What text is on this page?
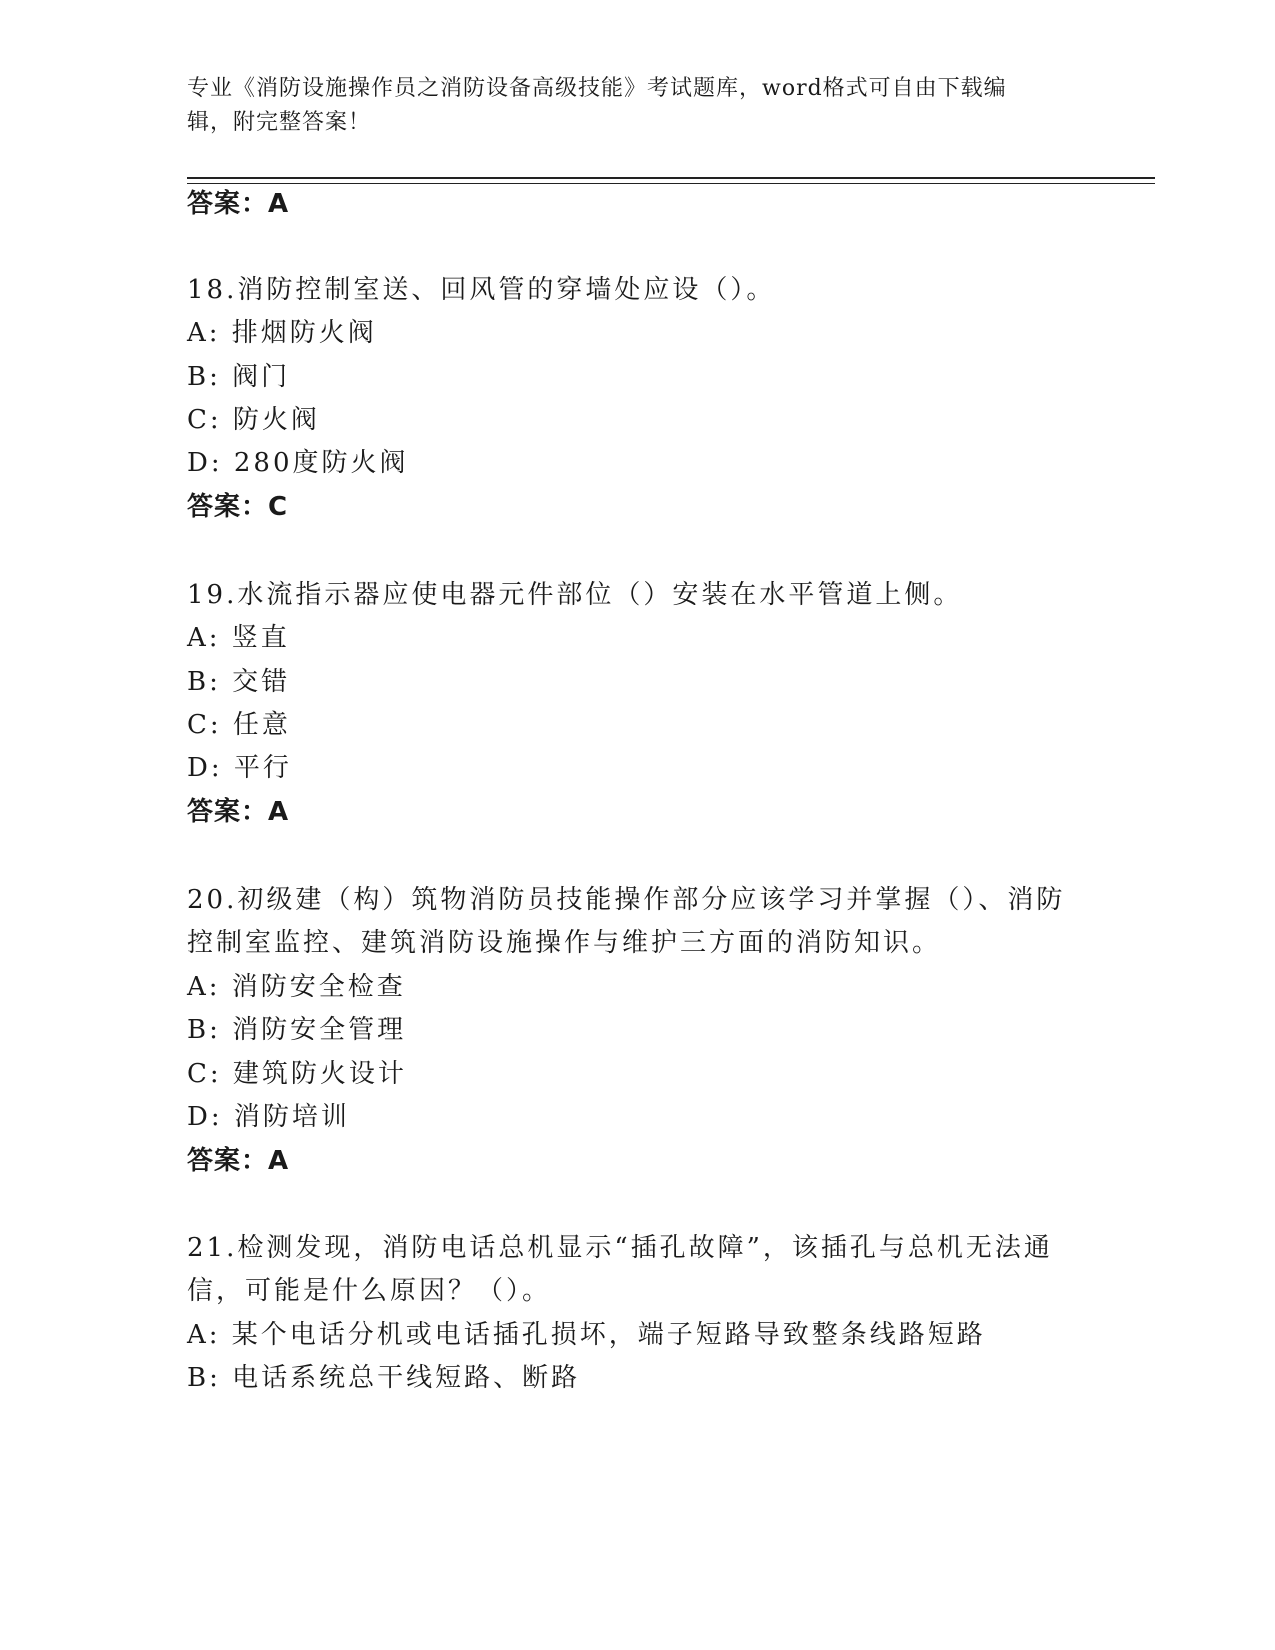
专业《消防设施操作员之消防设备高级技能》考试题库，word格式可自由下载编
辑，附完整答案！
答案：A
18.消防控制室送、回风管的穿墙处应设（）。
A: 排烟防火阀
B: 阀门
C: 防火阀
D: 280度防火阀
答案：C
19.水流指示器应使电器元件部位（）安装在水平管道上侧。
A: 竖直
B: 交错
C: 任意
D: 平行
答案：A
20.初级建（构）筑物消防员技能操作部分应该学习并掌握（）、消防
控制室监控、建筑消防设施操作与维护三方面的消防知识。
A: 消防安全检查
B: 消防安全管理
C: 建筑防火设计
D: 消防培训
答案：A
21.检测发现，消防电话总机显示“插孔故障”，该插孔与总机无法通
信，可能是什么原因？（）。
A: 某个电话分机或电话插孔损坏，端子短路导致整条线路短路
B: 电话系统总干线短路、断路
